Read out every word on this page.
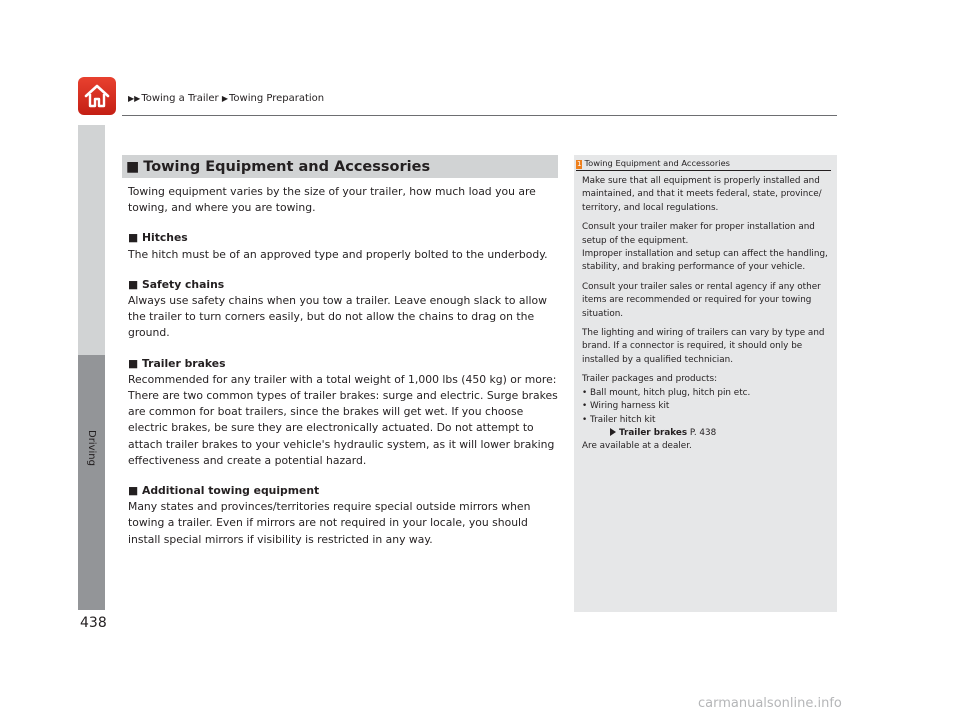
▶▶Towing a Trailer ▶Towing Preparation
Driving
438
■ Towing Equipment and Accessories

Towing equipment varies by the size of your trailer, how much load you are towing, and where you are towing.

■ Hitches

The hitch must be of an approved type and properly bolted to the underbody.

■ Safety chains

Always use safety chains when you tow a trailer. Leave enough slack to allow the trailer to turn corners easily, but do not allow the chains to drag on the ground.

■ Trailer brakes

Recommended for any trailer with a total weight of 1,000 lbs (450 kg) or more: There are two common types of trailer brakes: surge and electric. Surge brakes are common for boat trailers, since the brakes will get wet. If you choose electric brakes, be sure they are electronically actuated. Do not attempt to attach trailer brakes to your vehicle's hydraulic system, as it will lower braking effectiveness and create a potential hazard.

■ Additional towing equipment

Many states and provinces/territories require special outside mirrors when towing a trailer. Even if mirrors are not required in your locale, you should install special mirrors if visibility is restricted in any way.

1 Towing Equipment and Accessories

Make sure that all equipment is properly installed and maintained, and that it meets federal, state, province/ territory, and local regulations.

Consult your trailer maker for proper installation and setup of the equipment.

Improper installation and setup can affect the handling, stability, and braking performance of your vehicle.

Consult your trailer sales or rental agency if any other items are recommended or required for your towing situation.

The lighting and wiring of trailers can vary by type and brand. If a connector is required, it should only be installed by a qualified technician.

Trailer packages and products:

• Ball mount, hitch plug, hitch pin etc.

• Wiring harness kit

• Trailer hitch kit

Trailer brakes P. 438

Are available at a dealer.

carmanualsonline.info
